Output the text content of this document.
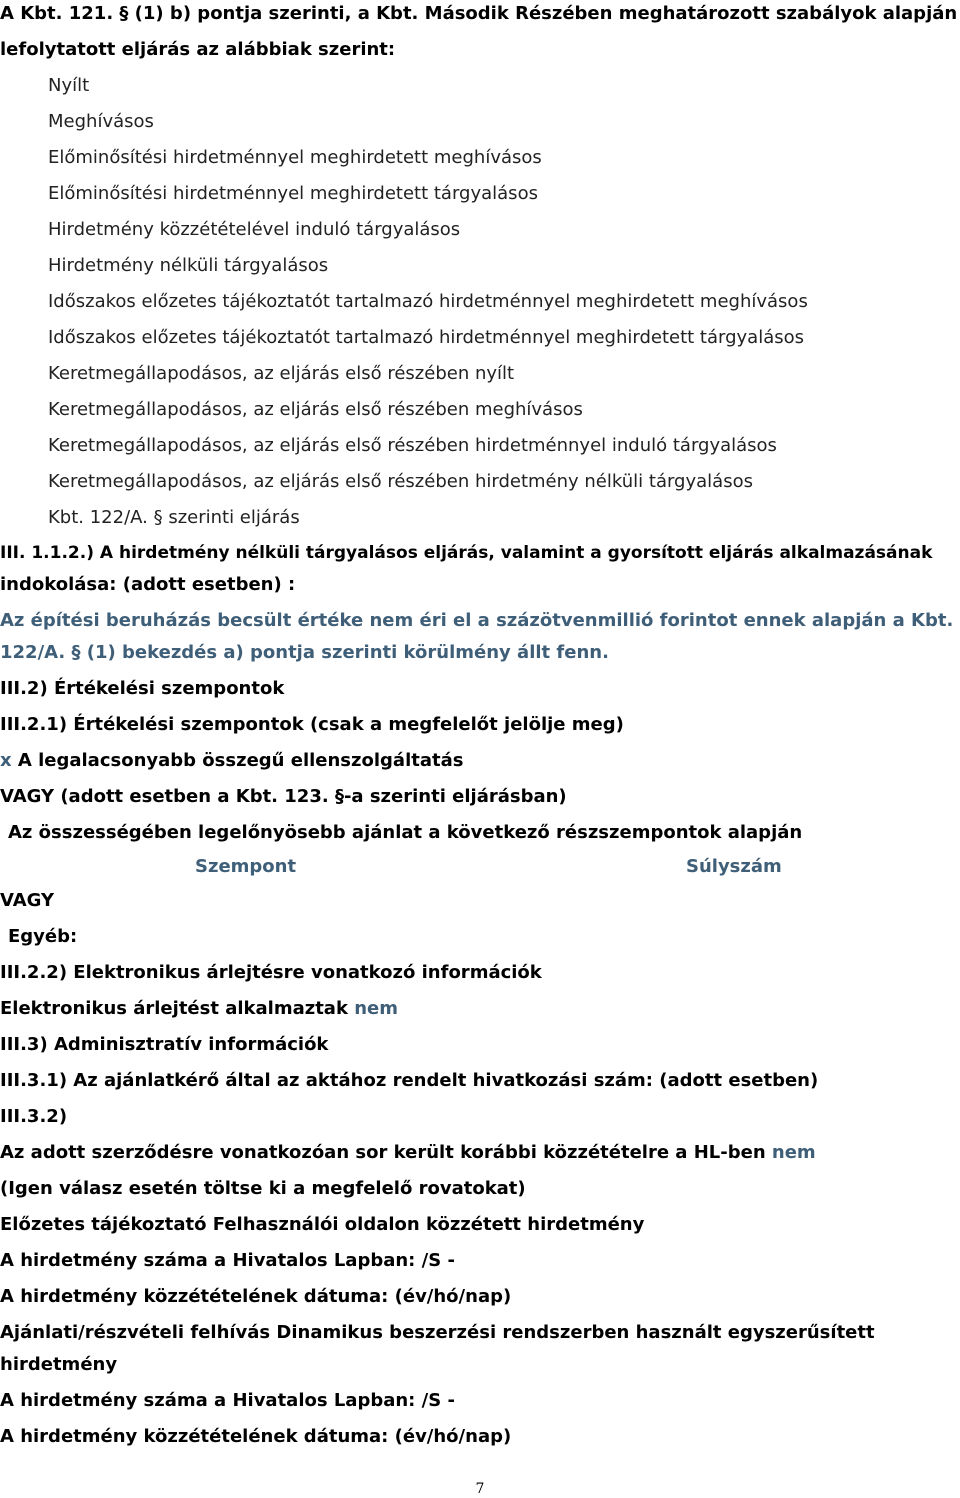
A Kbt. 121. § (1) b) pontja szerinti, a Kbt. Második Részében meghatározott szabályok alapján
lefolytatott eljárás az alábbiak szerint:
Nyílt
Meghívásos
Előminősítési hirdetménnyel meghirdetett meghívásos
Előminősítési hirdetménnyel meghirdetett tárgyalásos
Hirdetmény közzétételével induló tárgyalásos
Hirdetmény nélküli tárgyalásos
Időszakos előzetes tájékoztatót tartalmazó hirdetménnyel meghirdetett meghívásos
Időszakos előzetes tájékoztatót tartalmazó hirdetménnyel meghirdetett tárgyalásos
Keretmegállapodásos, az eljárás első részében nyílt
Keretmegállapodásos, az eljárás első részében meghívásos
Keretmegállapodásos, az eljárás első részében hirdetménnyel induló tárgyalásos
Keretmegállapodásos, az eljárás első részében hirdetmény nélküli tárgyalásos
Kbt. 122/A. § szerinti eljárás
III. 1.1.2.) A hirdetmény nélküli tárgyalásos eljárás, valamint a gyorsított eljárás alkalmazásának
indokolása: (adott esetben) :
Az építési beruházás becsült értéke nem éri el a százötvenmillió forintot ennek alapján a Kbt.
122/A. § (1) bekezdés a) pontja szerinti körülmény állt fenn.
III.2) Értékelési szempontok
III.2.1) Értékelési szempontok (csak a megfelelőt jelölje meg)
x A legalacsonyabb összegű ellenszolgáltatás
VAGY (adott esetben a Kbt. 123. §-a szerinti eljárásban)
Az összességében legelőnyösebb ajánlat a következő részszempontok alapján
Szempont	Súlyszám
VAGY
Egyéb:
III.2.2) Elektronikus árlejtésre vonatkozó információk
Elektronikus árlejtést alkalmaztak nem
III.3) Adminisztratív információk
III.3.1) Az ajánlatkérő által az aktához rendelt hivatkozási szám: (adott esetben)
III.3.2)
Az adott szerződésre vonatkozóan sor került korábbi közzétételre a HL-ben nem
(Igen válasz esetén töltse ki a megfelelő rovatokat)
Előzetes tájékoztató Felhasználói oldalon közzétett hirdetmény
A hirdetmény száma a Hivatalos Lapban: /S -
A hirdetmény közzétételének dátuma: (év/hó/nap)
Ajánlati/részvételi felhívás Dinamikus beszerzési rendszerben használt egyszerűsített
hirdetmény
A hirdetmény száma a Hivatalos Lapban: /S -
A hirdetmény közzétételének dátuma: (év/hó/nap)
7
